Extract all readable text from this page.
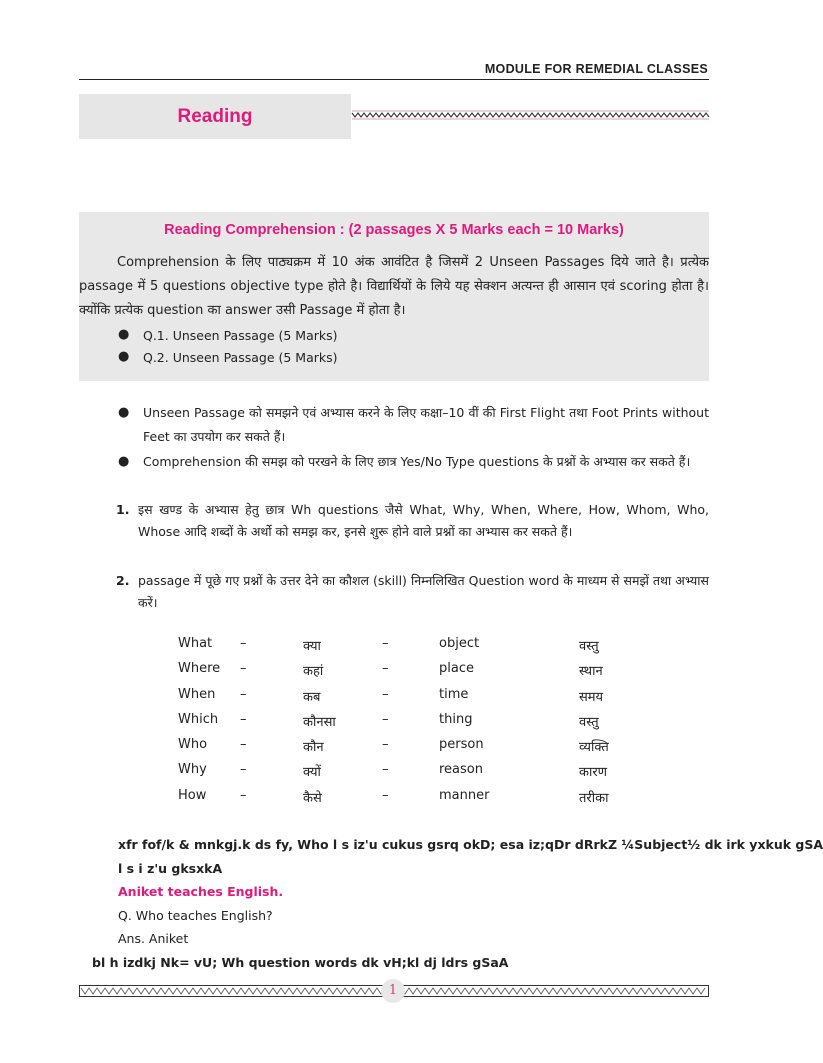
MODULE FOR REMEDIAL CLASSES
Reading
Reading Comprehension : (2 passages X 5 Marks each = 10 Marks)
Comprehension के लिए पाठ्यक्रम में 10 अंक आवंटित है जिसमें 2 Unseen Passages दिये जाते है। प्रत्येक passage में 5 questions objective type होते है। विद्यार्थियों के लिये यह सेक्शन अत्यन्त ही आसान एवं scoring होता है। क्योंकि प्रत्येक question का answer उसी Passage में होता है।
● Q.1. Unseen Passage (5 Marks)
● Q.2. Unseen Passage (5 Marks)
● Unseen Passage को समझने एवं अभ्यास करने के लिए कक्षा–10 वीं की First Flight तथा Foot Prints without Feet का उपयोग कर सकते हैं।
● Comprehension की समझ को परखने के लिए छात्र Yes/No Type questions के प्रश्नों के अभ्यास कर सकते हैं।
1. इस खण्ड के अभ्यास हेतु छात्र Wh questions जैसे What, Why, When, Where, How, Whom, Who, Whose आदि शब्दों के अर्थो को समझ कर, इनसे शुरू होने वाले प्रश्नों का अभ्यास कर सकते हैं।
2. passage में पूछे गए प्रश्नों के उत्तर देने का कौशल (skill) निम्नलिखित Question word के माध्यम से समझें तथा अभ्यास करें।
What –	क्या	–	object	वस्तु
Where –	कहां	–	place	स्थान
When –	कब	–	time	समय
Which –	कौनसा	–	thing	वस्तु
Who	–	कौन	–	person	व्यक्ति
Why	–	क्यों	–	reason	कारण
How	–	कैसे	–	manner	तरीका
xfr fof/k & mnkgj.k ds fy, Who l s iz'u cukus gsrq okD; esa iz;qDr dRrkZ ¼Subject½ dk irk yxkuk gSA
l s i z'u gksxkA
Aniket teaches English.
Q. Who teaches English?
Ans. Aniket
bl h izdkj Nk= vU; Wh question words dk vH;kl dj ldrs gSaA
1
